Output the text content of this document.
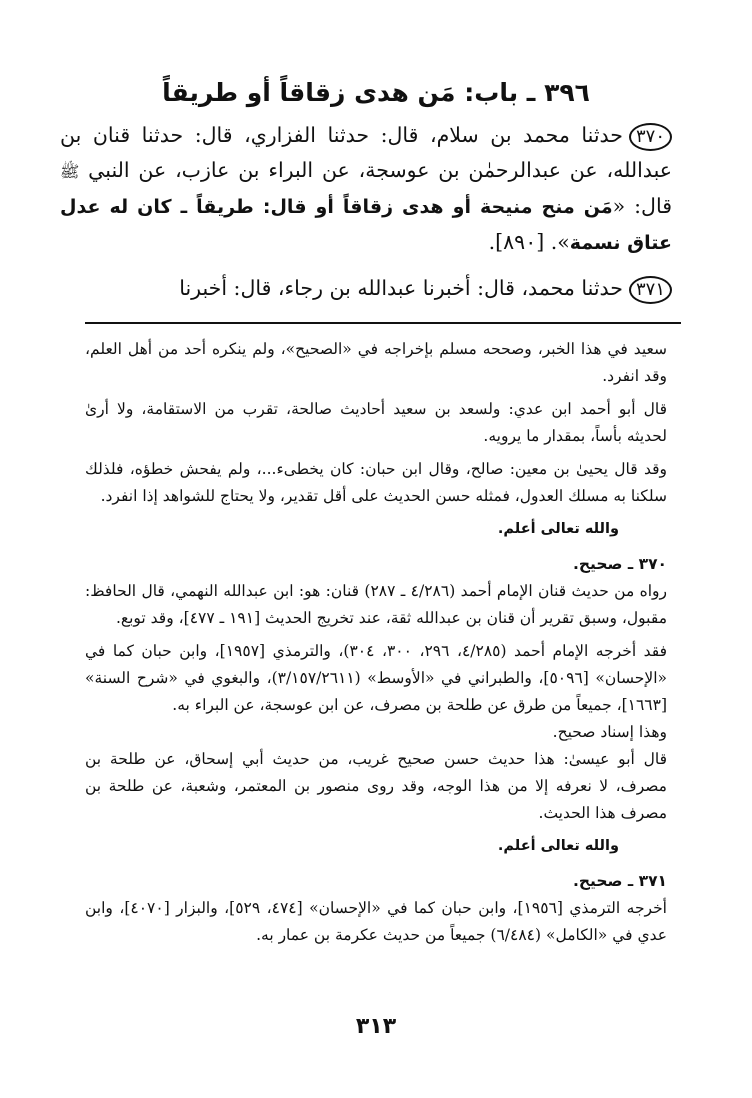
٣٩٦ ـ باب: مَن هدى زقاقاً أو طريقاً

٣٧٠حدثنا محمد بن سلام، قال: حدثنا الفزاري، قال: حدثنا قنان بن عبدالله، عن عبدالرحمٰن بن عوسجة، عن البراء بن عازب، عن النبي ﷺ قال: «مَن منح منيحة أو هدى زقاقاً أو قال: طريقاً ـ كان له عدل عتاق نسمة». [٨٩٠].

٣٧١حدثنا محمد، قال: أخبرنا عبدالله بن رجاء، قال: أخبرنا

سعيد في هذا الخبر، وصححه مسلم بإخراجه في «الصحيح»، ولم ينكره أحد من أهل العلم، وقد انفرد.

قال أبو أحمد ابن عدي: ولسعد بن سعيد أحاديث صالحة، تقرب من الاستقامة، ولا أرىٰ لحديثه بأساً، بمقدار ما يرويه.

وقد قال يحيىٰ بن معين: صالح، وقال ابن حبان: كان يخطىء...، ولم يفحش خطؤه، فلذلك سلكنا به مسلك العدول، فمثله حسن الحديث على أقل تقدير، ولا يحتاج للشواهد إذا انفرد.

والله تعالى أعلم.

٣٧٠ ـ صحيح.

رواه من حديث قنان الإمام أحمد (٤/٢٨٦ ـ ٢٨٧) قنان: هو: ابن عبدالله النهمي، قال الحافظ: مقبول، وسبق تقرير أن قنان بن عبدالله ثقة، عند تخريج الحديث [١٩١ ـ ٤٧٧]، وقد توبع.

فقد أخرجه الإمام أحمد (٤/٢٨٥، ٢٩٦، ٣٠٠، ٣٠٤)، والترمذي [١٩٥٧]، وابن حبان كما في «الإحسان» [٥٠٩٦]، والطبراني في «الأوسط» (٣/١٥٧/٢٦١١)، والبغوي في «شرح السنة» [١٦٦٣]، جميعاً من طرق عن طلحة بن مصرف، عن ابن عوسجة، عن البراء به.

وهذا إسناد صحيح.

قال أبو عيسىٰ: هذا حديث حسن صحيح غريب، من حديث أبي إسحاق، عن طلحة بن مصرف، لا نعرفه إلا من هذا الوجه، وقد روى منصور بن المعتمر، وشعبة، عن طلحة بن مصرف هذا الحديث.

والله تعالى أعلم.

٣٧١ ـ صحيح.

أخرجه الترمذي [١٩٥٦]، وابن حبان كما في «الإحسان» [٤٧٤، ٥٢٩]، والبزار [٤٠٧٠]، وابن عدي في «الكامل» (٦/٤٨٤) جميعاً من حديث عكرمة بن عمار به.

٣١٣
